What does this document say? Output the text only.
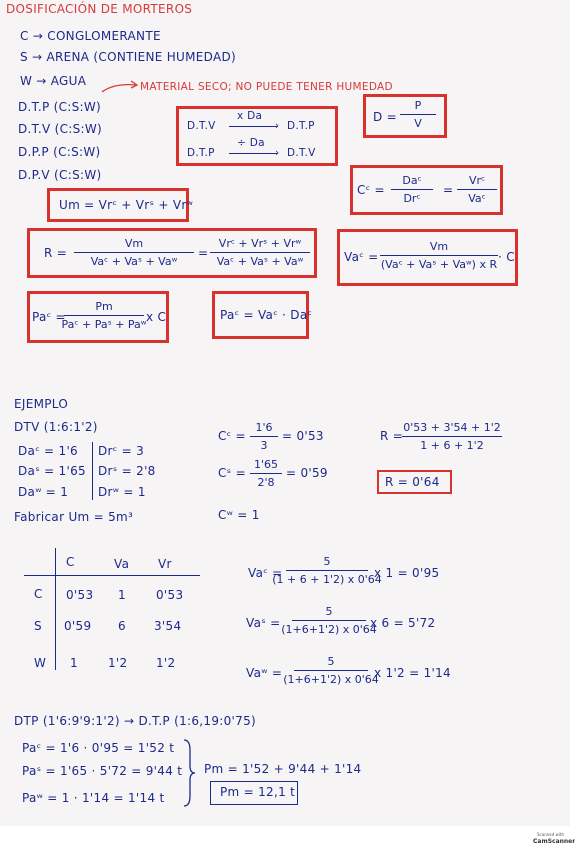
DOSIFICACIÓN DE MORTEROS
C → CONGLOMERANTE
S → ARENA (CONTIENE HUMEDAD)
W → AGUA	MATERIAL SECO; NO PUEDE TENER HUMEDAD
D.T.P (C:S:W)
D.T.V (C:S:W)
D.P.P (C:S:W)
D.P.V (C:S:W)
D.T.V
x Da
› D.T.P
D.T.P
÷ Da
› D.T.V
D =
P
V
Cᶜ =
Daᶜ
Drᶜ
=
Vrᶜ
Vaᶜ
Um = Vrᶜ + Vrˢ + Vrʷ
R =
Vm
Vaᶜ + Vaˢ + Vaʷ
=
Vrᶜ + Vrˢ + Vrʷ
Vaᶜ + Vaˢ + Vaʷ	Vaᶜ =
Vm
(Vaᶜ + Vaˢ + Vaʷ) x R
· C
Paᶜ =
Pm
Paᶜ + Paˢ + Paʷ
x C	Paᶜ = Vaᶜ · Daᶜ
EJEMPLO
DTV (1:6:1'2)
Daᶜ = 1'6
Daˢ = 1'65
Daʷ = 1
Drᶜ = 3
Drˢ = 2'8
Drʷ = 1
Fabricar Um = 5m³
Cᶜ =
1'6
3
= 0'53
Cˢ =
1'65
2'8
= 0'59
Cʷ = 1
R =
0'53 + 3'54 + 1'2
1 + 6 + 1'2
R = 0'64
C	Va Vr
C 0'53 1	0'53
S 0'59 6 3'54
W 1	1'2 1'2
Vaᶜ =
5
(1 + 6 + 1'2) x 0'64
x 1 = 0'95
Vaˢ =
5
(1+6+1'2) x 0'64
x 6 = 5'72
Vaʷ =
5
(1+6+1'2) x 0'64
x 1'2 = 1'14
DTP (1'6:9'9:1'2) → D.T.P (1:6,19:0'75)
Paᶜ = 1'6 · 0'95 = 1'52 t
Paˢ = 1'65 · 5'72 = 9'44 t
Paʷ = 1 · 1'14 = 1'14 t
Pm = 1'52 + 9'44 + 1'14
Pm = 12,1 t
Scanned with
CamScanner
